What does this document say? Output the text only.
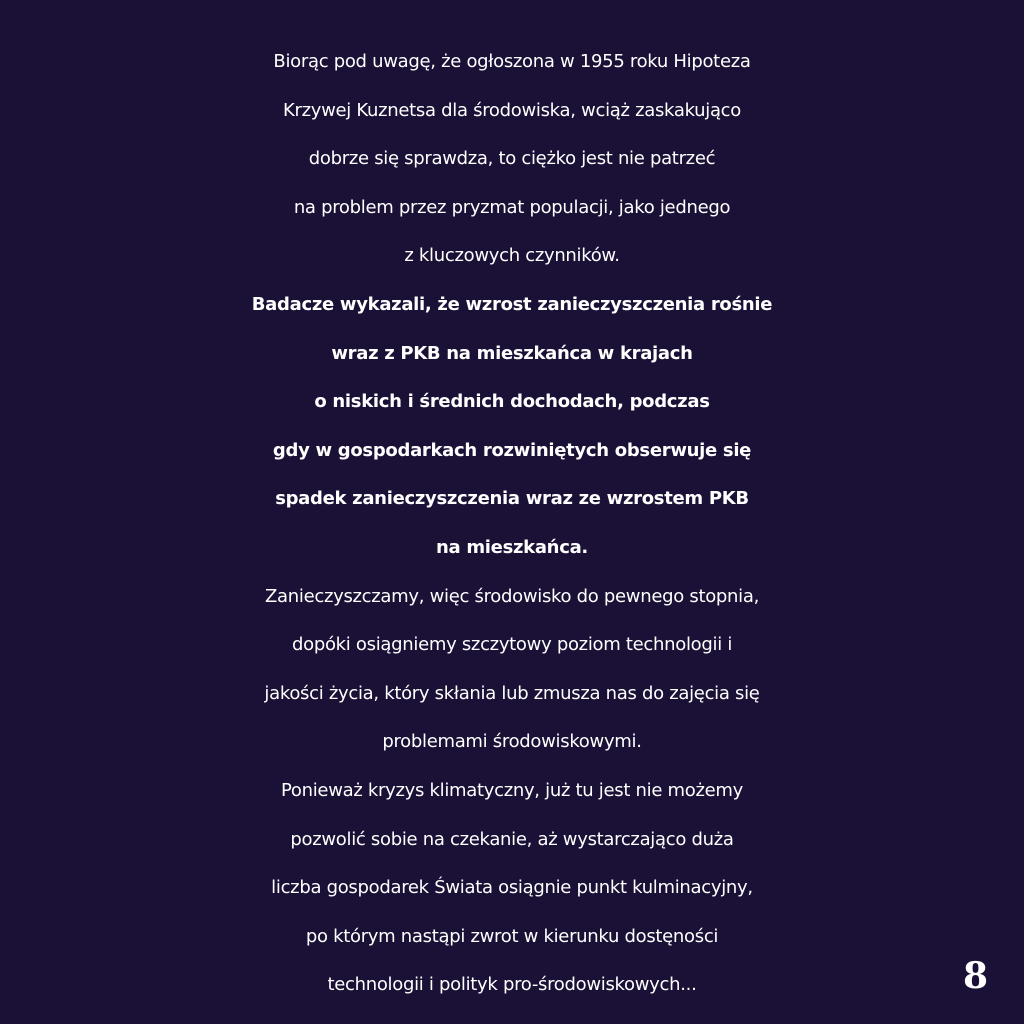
Biorąc pod uwagę, że ogłoszona w 1955 roku Hipoteza
Krzywej Kuznetsa dla środowiska, wciąż zaskakująco
dobrze się sprawdza, to ciężko jest nie patrzeć
na problem przez pryzmat populacji, jako jednego
z kluczowych czynników.
Badacze wykazali, że wzrost zanieczyszczenia rośnie
wraz z PKB na mieszkańca w krajach
o niskich i średnich dochodach, podczas
gdy w gospodarkach rozwiniętych obserwuje się
spadek zanieczyszczenia wraz ze wzrostem PKB
na mieszkańca.
Zanieczyszczamy, więc środowisko do pewnego stopnia,
dopóki osiągniemy szczytowy poziom technologii i
jakości życia, który skłania lub zmusza nas do zajęcia się
problemami środowiskowymi.
Ponieważ kryzys klimatyczny, już tu jest nie możemy
pozwolić sobie na czekanie, aż wystarczająco duża
liczba gospodarek Świata osiągnie punkt kulminacyjny,
po którym nastąpi zwrot w kierunku dostęności
technologii i polityk pro-środowiskowych...	8
